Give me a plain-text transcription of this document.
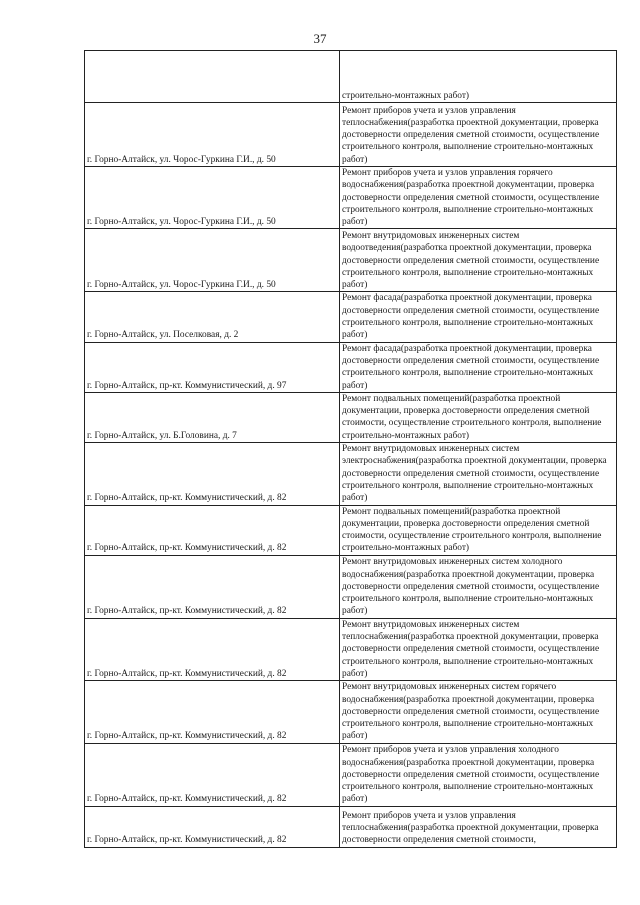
37
	строительно-монтажных работ)
г. Горно-Алтайск, ул. Чорос-Гуркина Г.И., д. 50	Ремонт приборов учета и узлов управления теплоснабжения(разработка проектной документации, проверка достоверности определения сметной стоимости, осуществление строительного контроля, выполнение строительно-монтажных работ)
г. Горно-Алтайск, ул. Чорос-Гуркина Г.И., д. 50	Ремонт приборов учета и узлов управления горячего водоснабжения(разработка проектной документации, проверка достоверности определения сметной стоимости, осуществление строительного контроля, выполнение строительно-монтажных работ)
г. Горно-Алтайск, ул. Чорос-Гуркина Г.И., д. 50	Ремонт внутридомовых инженерных систем водоотведения(разработка проектной документации, проверка достоверности определения сметной стоимости, осуществление строительного контроля, выполнение строительно-монтажных работ)
г. Горно-Алтайск, ул. Поселковая, д. 2	Ремонт фасада(разработка проектной документации, проверка достоверности определения сметной стоимости, осуществление строительного контроля, выполнение строительно-монтажных работ)
г. Горно-Алтайск, пр-кт. Коммунистический, д. 97	Ремонт фасада(разработка проектной документации, проверка достоверности определения сметной стоимости, осуществление строительного контроля, выполнение строительно-монтажных работ)
г. Горно-Алтайск, ул. Б.Головина, д. 7	Ремонт подвальных помещений(разработка проектной документации, проверка достоверности определения сметной стоимости, осуществление строительного контроля, выполнение строительно-монтажных работ)
г. Горно-Алтайск, пр-кт. Коммунистический, д. 82	Ремонт внутридомовых инженерных систем электроснабжения(разработка проектной документации, проверка достоверности определения сметной стоимости, осуществление строительного контроля, выполнение строительно-монтажных работ)
г. Горно-Алтайск, пр-кт. Коммунистический, д. 82	Ремонт подвальных помещений(разработка проектной документации, проверка достоверности определения сметной стоимости, осуществление строительного контроля, выполнение строительно-монтажных работ)
г. Горно-Алтайск, пр-кт. Коммунистический, д. 82	Ремонт внутридомовых инженерных систем холодного водоснабжения(разработка проектной документации, проверка достоверности определения сметной стоимости, осуществление строительного контроля, выполнение строительно-монтажных работ)
г. Горно-Алтайск, пр-кт. Коммунистический, д. 82	Ремонт внутридомовых инженерных систем теплоснабжения(разработка проектной документации, проверка достоверности определения сметной стоимости, осуществление строительного контроля, выполнение строительно-монтажных работ)
г. Горно-Алтайск, пр-кт. Коммунистический, д. 82	Ремонт внутридомовых инженерных систем горячего водоснабжения(разработка проектной документации, проверка достоверности определения сметной стоимости, осуществление строительного контроля, выполнение строительно-монтажных работ)
г. Горно-Алтайск, пр-кт. Коммунистический, д. 82	Ремонт приборов учета и узлов управления холодного водоснабжения(разработка проектной документации, проверка достоверности определения сметной стоимости, осуществление строительного контроля, выполнение строительно-монтажных работ)
г. Горно-Алтайск, пр-кт. Коммунистический, д. 82	Ремонт приборов учета и узлов управления теплоснабжения(разработка проектной документации, проверка достоверности определения сметной стоимости,
